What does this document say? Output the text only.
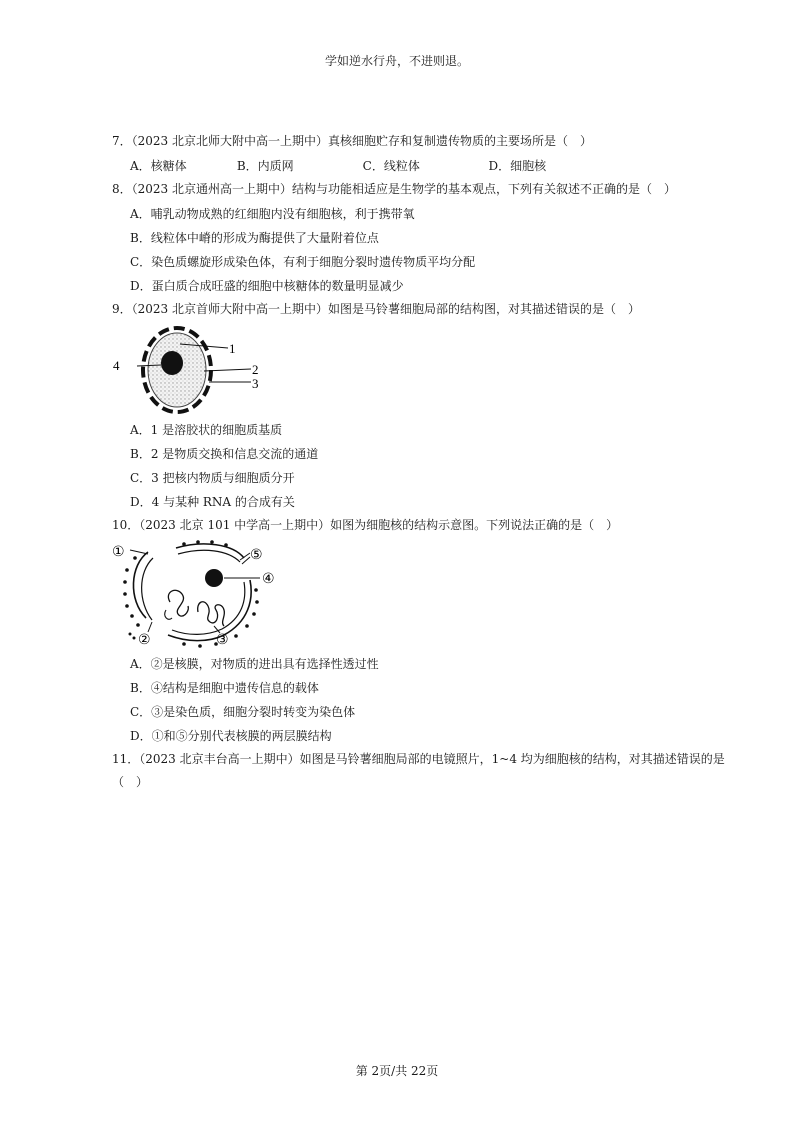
学如逆水行舟，不进则退。
7．（2023 北京北师大附中高一上期中）真核细胞贮存和复制遗传物质的主要场所是（　）
A．核糖体	B．内质网	C．线粒体	D．细胞核
8．（2023 北京通州高一上期中）结构与功能相适应是生物学的基本观点，下列有关叙述不正确的是（　）
A．哺乳动物成熟的红细胞内没有细胞核，利于携带氧
B．线粒体中嵴的形成为酶提供了大量附着位点
C．染色质螺旋形成染色体，有利于细胞分裂时遗传物质平均分配
D．蛋白质合成旺盛的细胞中核糖体的数量明显减少
9．（2023 北京首师大附中高一上期中）如图是马铃薯细胞局部的结构图，对其描述错误的是（　）
1
4	2
3
A．1 是溶胶状的细胞质基质
B．2 是物质交换和信息交流的通道
C．3 把核内物质与细胞质分开
D．4 与某种 RNA 的合成有关
10．（2023 北京 101 中学高一上期中）如图为细胞核的结构示意图。下列说法正确的是（　）
①	⑤
④
②	③
A．②是核膜，对物质的进出具有选择性透过性
B．④结构是细胞中遗传信息的载体
C．③是染色质，细胞分裂时转变为染色体
D．①和⑤分别代表核膜的两层膜结构
11．（2023 北京丰台高一上期中）如图是马铃薯细胞局部的电镜照片，1~4 均为细胞核的结构，对其描述错误的是（　）
第 2页/共 22页
